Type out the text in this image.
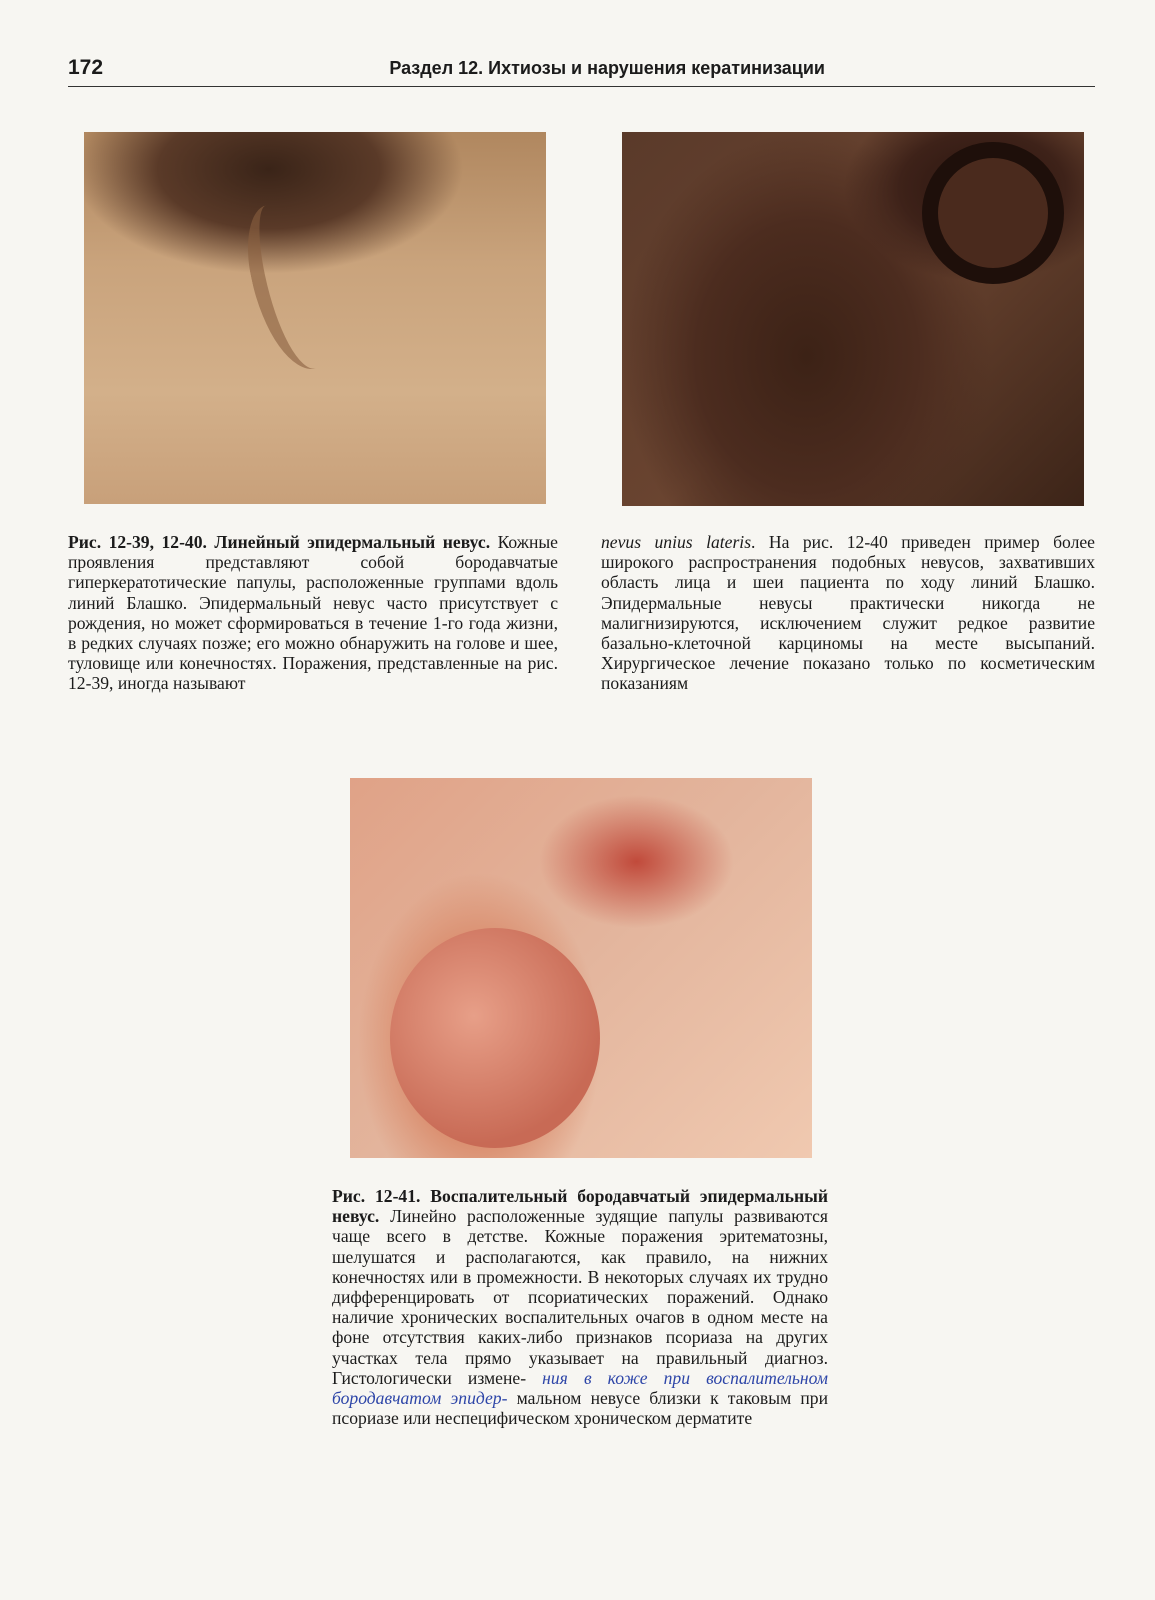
172	Раздел 12. Ихтиозы и нарушения кератинизации
Рис. 12-39, 12-40. Линейный эпидермальный невус. Кожные проявления представляют собой бородавчатые гиперкератотические папулы, расположенные группами вдоль линий Блашко. Эпидермальный невус часто присутствует с рождения, но может сформироваться в течение 1-го года жизни, в редких случаях позже; его можно обнаружить на голове и шее, туловище или конечностях. Поражения, представленные на рис. 12-39, иногда называют
nevus unius lateris. На рис. 12-40 приведен пример более широкого распространения подобных невусов, захвативших область лица и шеи пациента по ходу линий Блашко. Эпидермальные невусы практически никогда не малигнизируются, исключением служит редкое развитие базально-клеточной карциномы на месте высыпаний. Хирургическое лечение показано только по косметическим показаниям
Рис. 12-41. Воспалительный бородавчатый эпидермальный невус. Линейно расположенные зудящие папулы развиваются чаще всего в детстве. Кожные поражения эритематозны, шелушатся и располагаются, как правило, на нижних конечностях или в промежности. В некоторых случаях их трудно дифференцировать от псориатических поражений. Однако наличие хронических воспалительных очагов в одном месте на фоне отсутствия каких-либо признаков псориаза на других участках тела прямо указывает на правильный диагноз. Гистологически измене- ния в коже при воспалительном бородавчатом эпидер- мальном невусе близки к таковым при псориазе или неспецифическом хроническом дерматите
